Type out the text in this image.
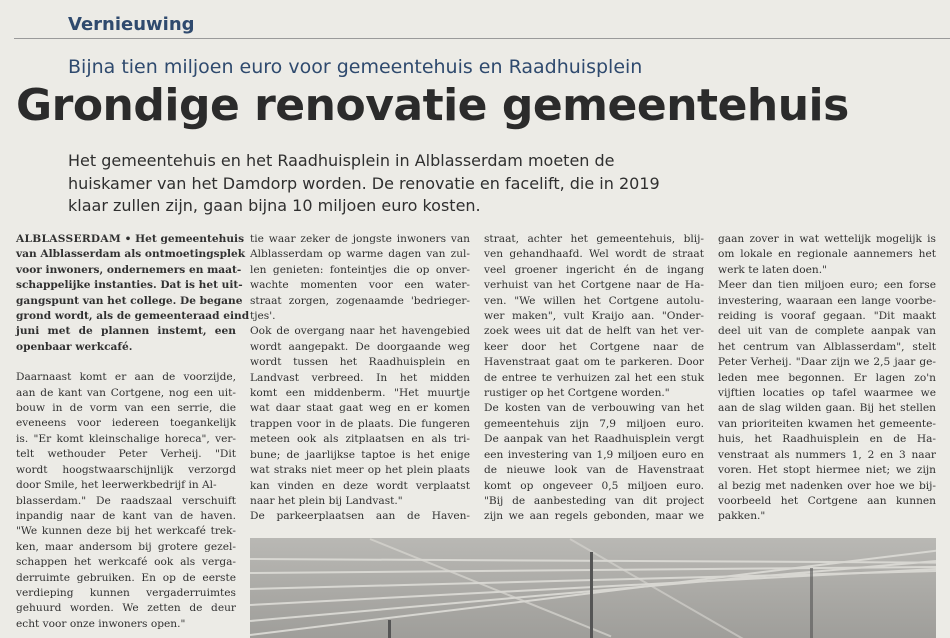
Vernieuwing
Bijna tien miljoen euro voor gemeentehuis en Raadhuisplein
Grondige renovatie gemeentehuis
Het gemeentehuis en het Raadhuisplein in Alblasserdam moeten de
huiskamer van het Damdorp worden. De renovatie en facelift, die in 2019
klaar zullen zijn, gaan bijna 10 miljoen euro kosten.

ALBLASSERDAM • Het gemeentehuis
van Alblasserdam als ontmoetingsplek
voor inwoners, ondernemers en maat-
schappelijke instanties. Dat is het uit-
gangspunt van het college. De begane
grond wordt, als de gemeenteraad eind
juni met de plannen instemt, een
openbaar werkcafé.

Daarnaast komt er aan de voorzijde,
aan de kant van Cortgene, nog een uit-
bouw in de vorm van een serrie, die
eveneens voor iedereen toegankelijk
is. "Er komt kleinschalige horeca", ver-
telt wethouder Peter Verheij. "Dit
wordt hoogstwaarschijnlijk verzorgd
door Smile, het leerwerkbedrijf in Al-
blasserdam." De raadszaal verschuift
inpandig naar de kant van de haven.
"We kunnen deze bij het werkcafé trek-
ken, maar andersom bij grotere gezel-
schappen het werkcafé ook als verga-
derruimte gebruiken. En op de eerste
verdieping kunnen vergaderruimtes
gehuurd worden. We zetten de deur
echt voor onze inwoners open."

tie waar zeker de jongste inwoners van
Alblasserdam op warme dagen van zul-
len genieten: fonteintjes die op onver-
wachte momenten voor een water-
straat zorgen, zogenaamde 'bedrieger-
tjes'.
Ook de overgang naar het havengebied
wordt aangepakt. De doorgaande weg
wordt tussen het Raadhuisplein en
Landvast verbreed. In het midden
komt een middenberm. "Het muurtje
wat daar staat gaat weg en er komen
trappen voor in de plaats. Die fungeren
meteen ook als zitplaatsen en als tri-
bune; de jaarlijkse taptoe is het enige
wat straks niet meer op het plein plaats
kan vinden en deze wordt verplaatst
naar het plein bij Landvast."
De parkeerplaatsen aan de Haven-
straat, achter het gemeentehuis, blij-
ven gehandhaafd. Wel wordt de straat
veel groener ingericht én de ingang
verhuist van het Cortgene naar de Ha-
ven. "We willen het Cortgene autolu-
wer maken", vult Kraijo aan. "Onder-
zoek wees uit dat de helft van het ver-
keer door het Cortgene naar de
Havenstraat gaat om te parkeren. Door
de entree te verhuizen zal het een stuk
rustiger op het Cortgene worden."
De kosten van de verbouwing van het
gemeentehuis zijn 7,9 miljoen euro.
De aanpak van het Raadhuisplein vergt
een investering van 1,9 miljoen euro en
de nieuwe look van de Havenstraat
komt op ongeveer 0,5 miljoen euro.
"Bij de aanbesteding van dit project
zijn we aan regels gebonden, maar we
gaan zover in wat wettelijk mogelijk is
om lokale en regionale aannemers het
werk te laten doen."
Meer dan tien miljoen euro; een forse
investering, waaraan een lange voorbe-
reiding is vooraf gegaan. "Dit maakt
deel uit van de complete aanpak van
het centrum van Alblasserdam", stelt
Peter Verheij. "Daar zijn we 2,5 jaar ge-
leden mee begonnen. Er lagen zo'n
vijftien locaties op tafel waarmee we
aan de slag wilden gaan. Bij het stellen
van prioriteiten kwamen het gemeente-
huis, het Raadhuisplein en de Ha-
venstraat als nummers 1, 2 en 3 naar
voren. Het stopt hiermee niet; we zijn
al bezig met nadenken over hoe we bij-
voorbeeld het Cortgene aan kunnen
pakken."
